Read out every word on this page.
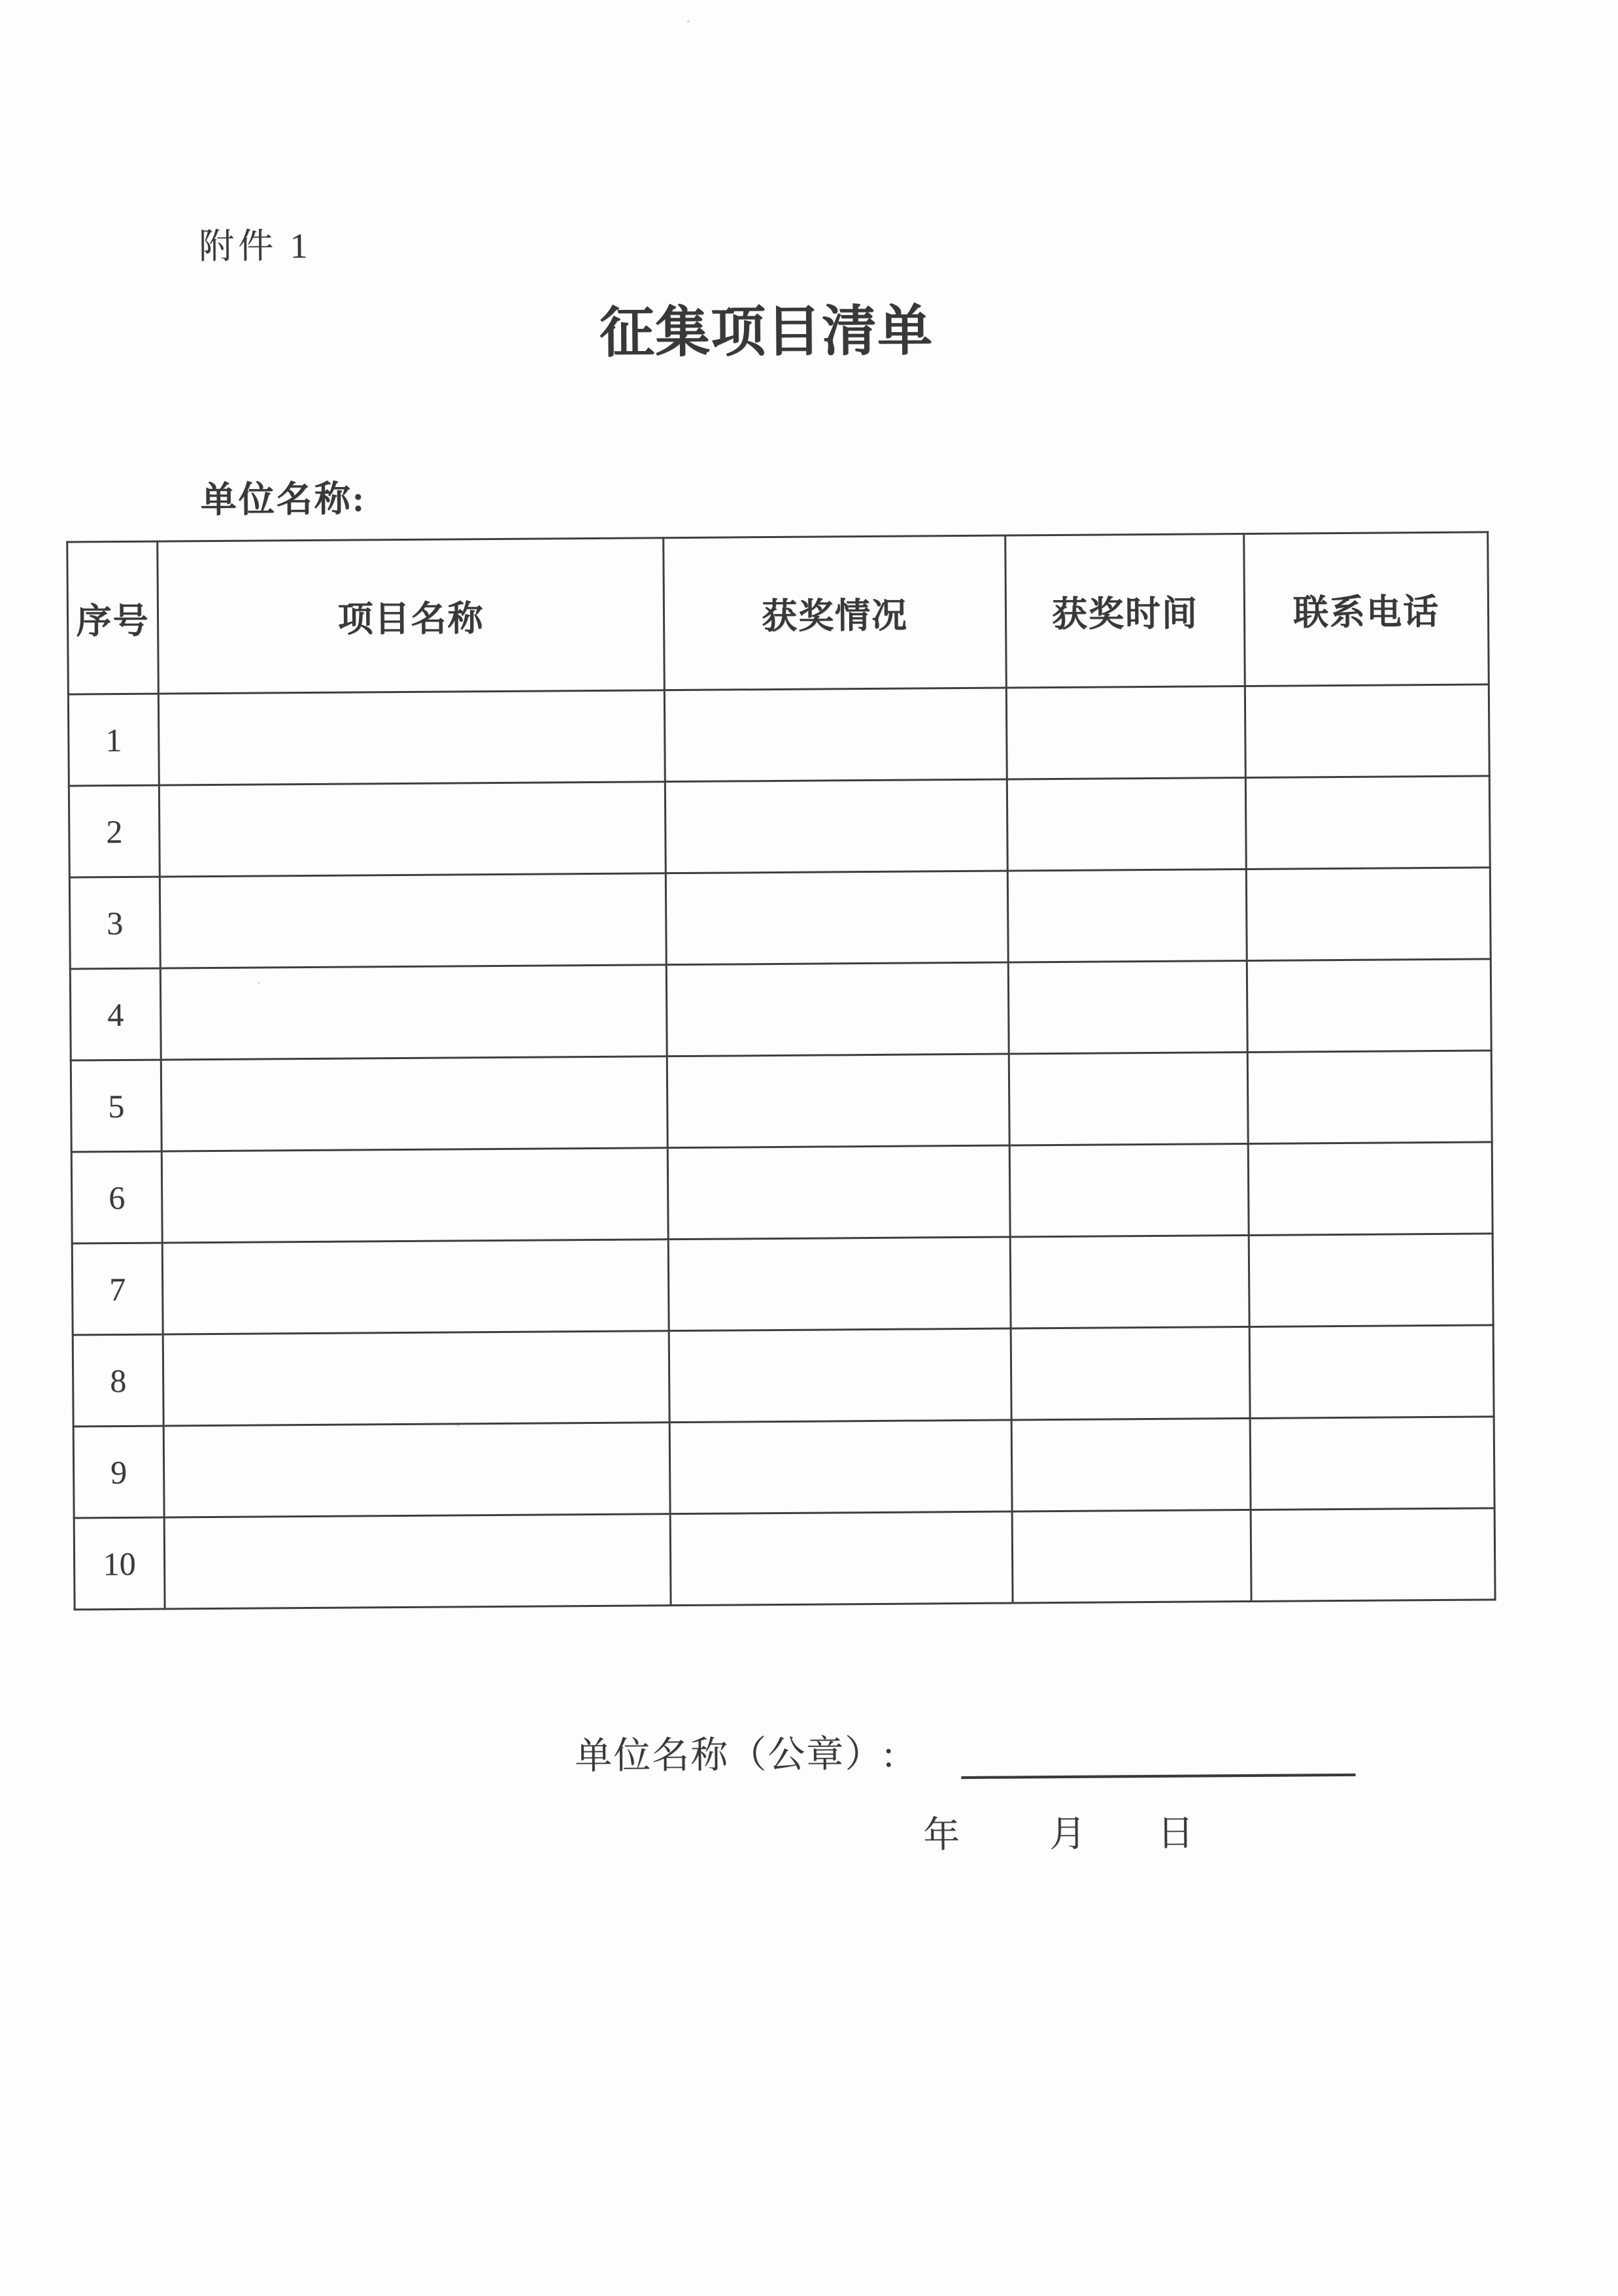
附件 1
征集项目清单
单位名称:
序号	项目名称	获奖情况	获奖时间	联系电话
1				
2				
3				
4				
5				
6				
7				
8				
9				
10				
单位名称（公章）:
年 月 日
